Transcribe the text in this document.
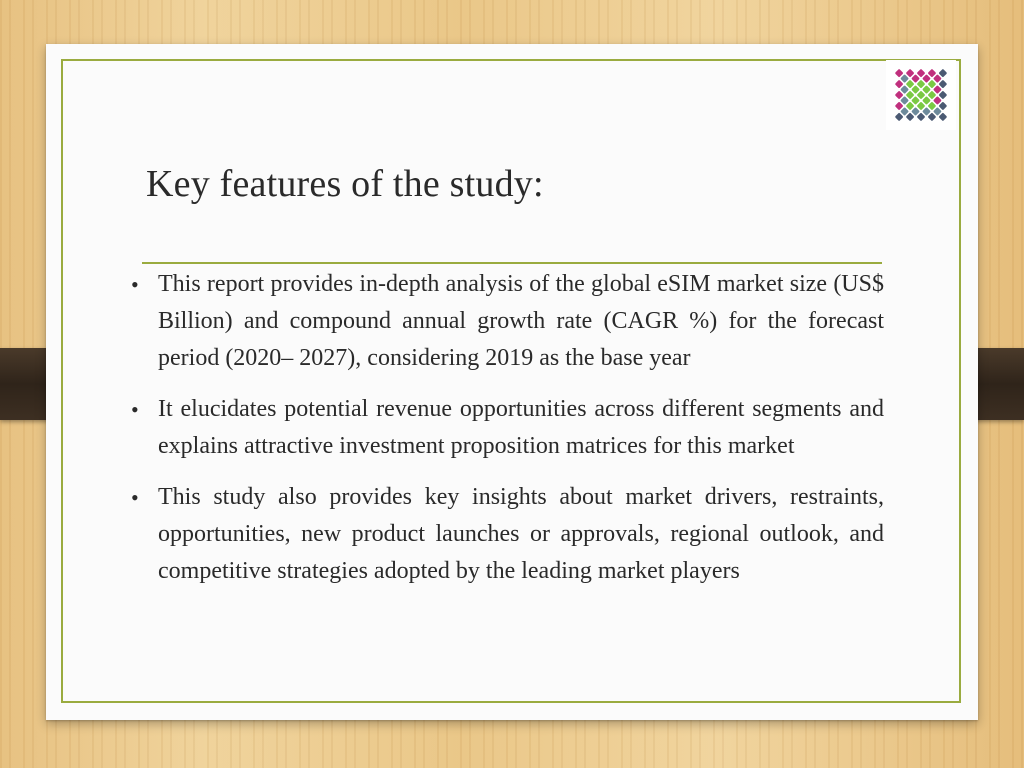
Key features of the study:
• This report provides in-depth analysis of the global eSIM market size (US$ Billion) and compound annual growth rate (CAGR %) for the forecast period (2020– 2027), considering 2019 as the base year
• It elucidates potential revenue opportunities across different segments and explains attractive investment proposition matrices for this market
• This study also provides key insights about market drivers, restraints, opportunities, new product launches or approvals, regional outlook, and competitive strategies adopted by the leading market players
